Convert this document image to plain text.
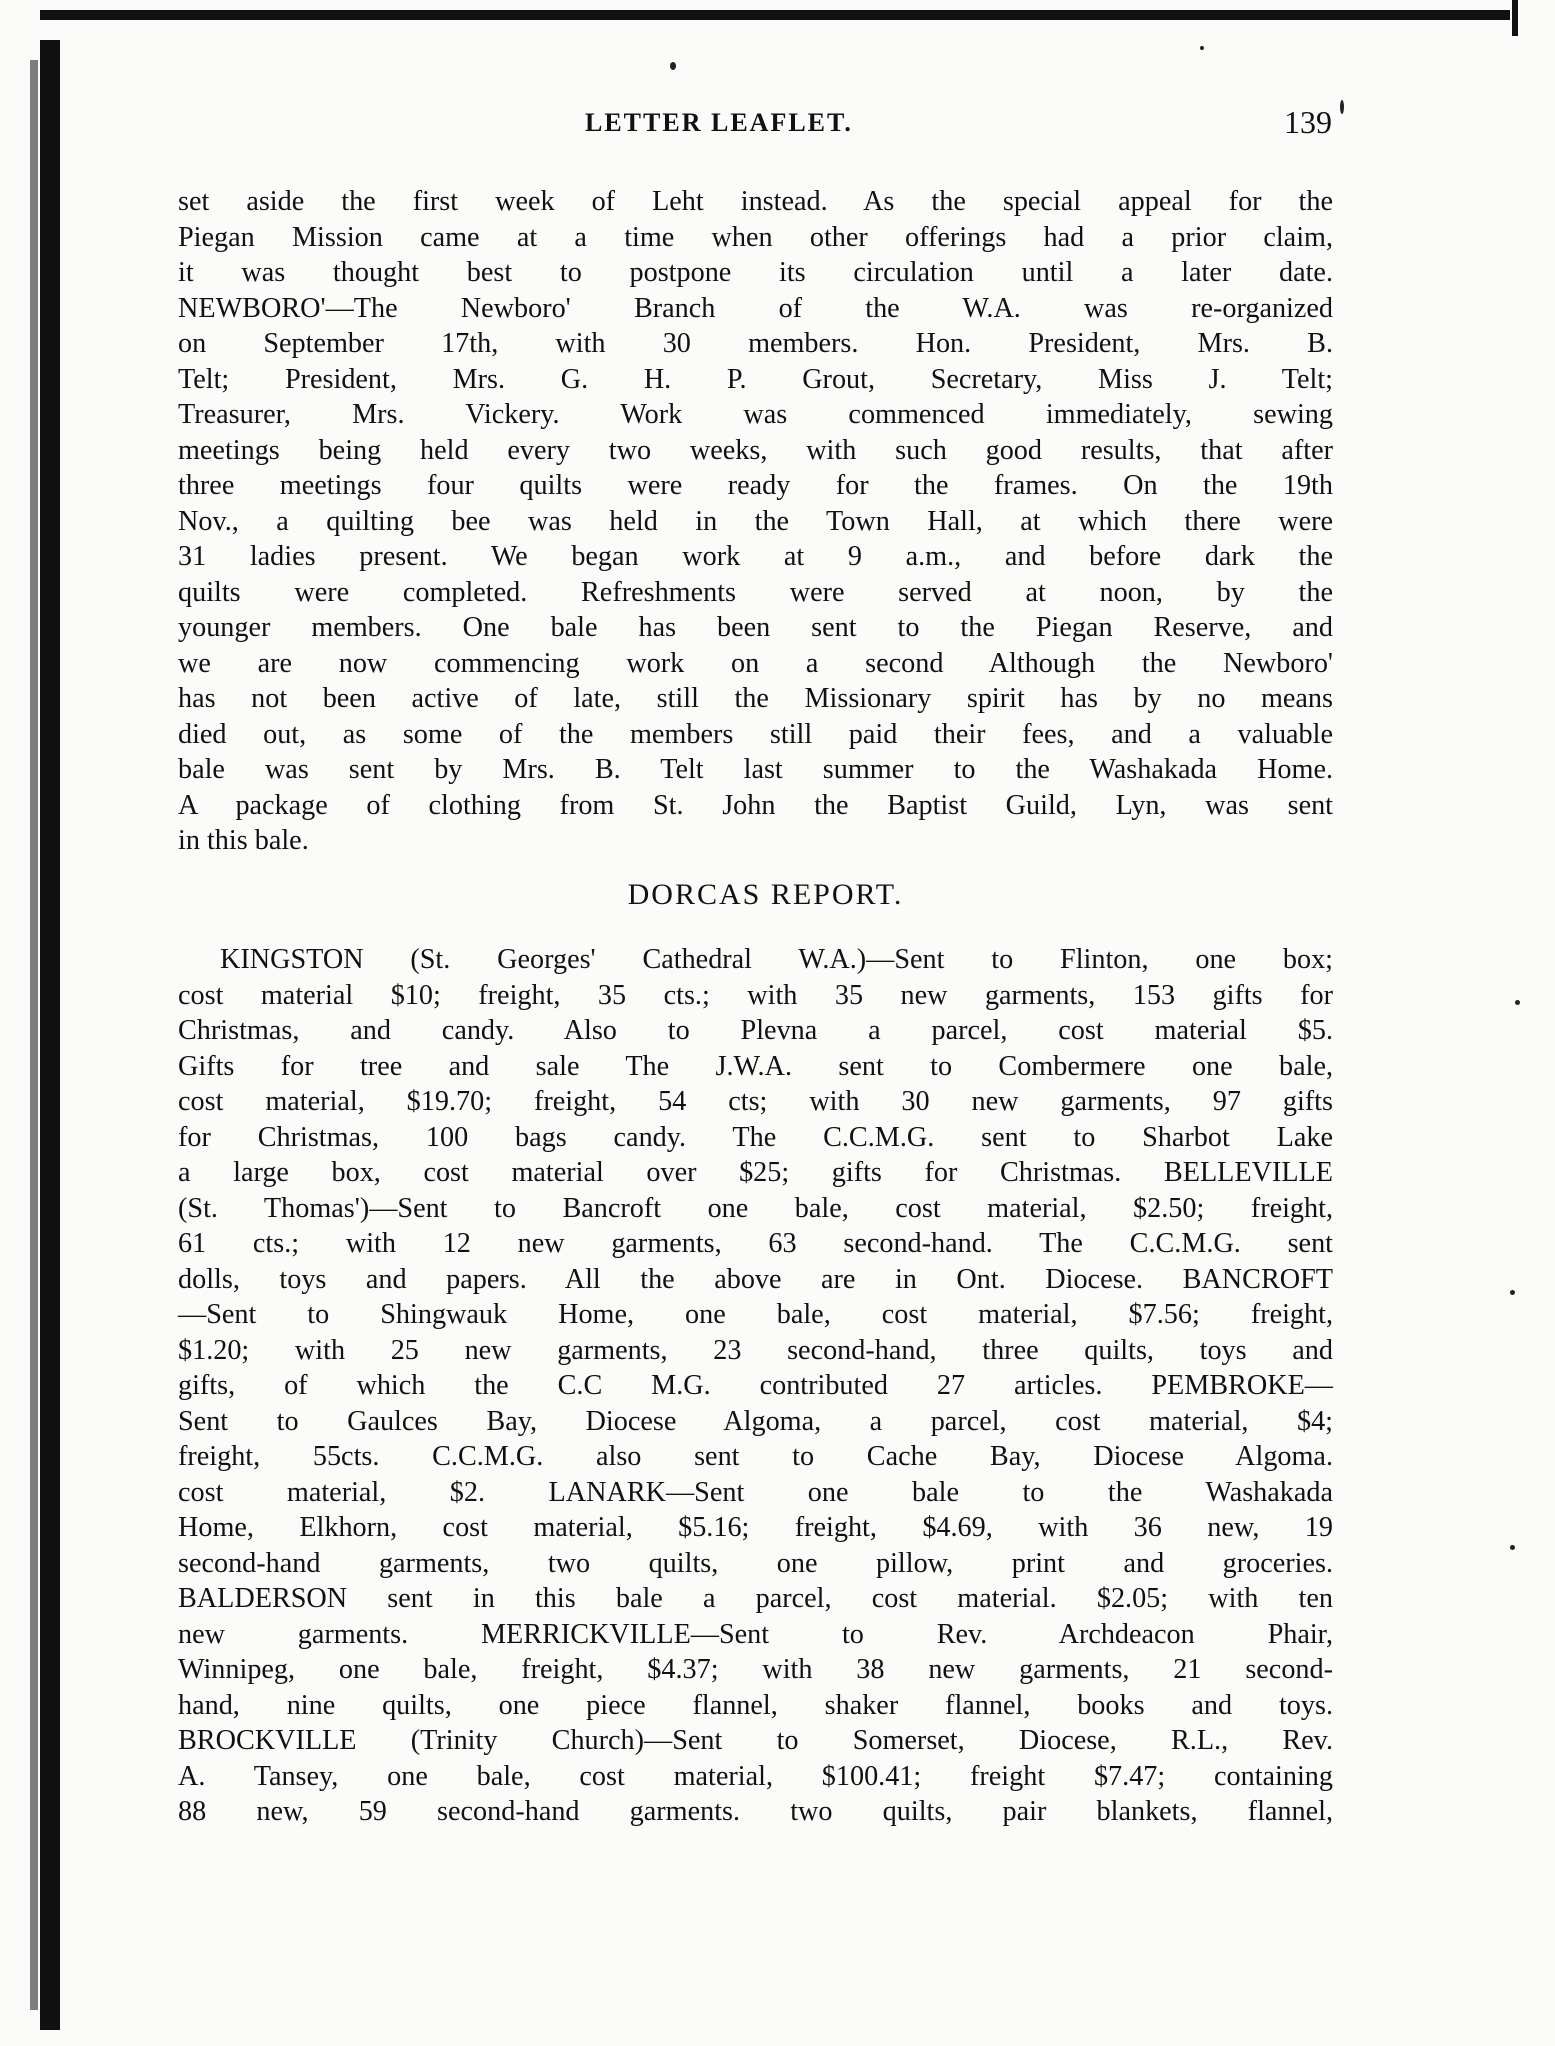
LETTER LEAFLET.	139
set aside the first week of Leht instead. As the special appeal for the
Piegan Mission came at a time when other offerings had a prior claim,
it was thought best to postpone its circulation until a later date.
NEWBORO'—The Newboro' Branch of the W.A. was re-organized
on September 17th, with 30 members. Hon. President, Mrs. B.
Telt; President, Mrs. G. H. P. Grout, Secretary, Miss J. Telt;
Treasurer, Mrs. Vickery. Work was commenced immediately, sewing
meetings being held every two weeks, with such good results, that after
three meetings four quilts were ready for the frames. On the 19th
Nov., a quilting bee was held in the Town Hall, at which there were
31 ladies present. We began work at 9 a.m., and before dark the
quilts were completed. Refreshments were served at noon, by the
younger members. One bale has been sent to the Piegan Reserve, and
we are now commencing work on a second Although the Newboro'
has not been active of late, still the Missionary spirit has by no means
died out, as some of the members still paid their fees, and a valuable
bale was sent by Mrs. B. Telt last summer to the Washakada Home.
A package of clothing from St. John the Baptist Guild, Lyn, was sent
in this bale.
DORCAS REPORT.
KINGSTON (St. Georges' Cathedral W.A.)—Sent to Flinton, one box;
cost material $10; freight, 35 cts.; with 35 new garments, 153 gifts for
Christmas, and candy. Also to Plevna a parcel, cost material $5.
Gifts for tree and sale The J.W.A. sent to Combermere one bale,
cost material, $19.70; freight, 54 cts; with 30 new garments, 97 gifts
for Christmas, 100 bags candy. The C.C.M.G. sent to Sharbot Lake
a large box, cost material over $25; gifts for Christmas. BELLEVILLE
(St. Thomas')—Sent to Bancroft one bale, cost material, $2.50; freight,
61 cts.; with 12 new garments, 63 second-hand. The C.C.M.G. sent
dolls, toys and papers. All the above are in Ont. Diocese. BANCROFT
—Sent to Shingwauk Home, one bale, cost material, $7.56; freight,
$1.20; with 25 new garments, 23 second-hand, three quilts, toys and
gifts, of which the C.C M.G. contributed 27 articles. PEMBROKE—
Sent to Gaulces Bay, Diocese Algoma, a parcel, cost material, $4;
freight, 55cts. C.C.M.G. also sent to Cache Bay, Diocese Algoma.
cost material, $2. LANARK—Sent one bale to the Washakada
Home, Elkhorn, cost material, $5.16; freight, $4.69, with 36 new, 19
second-hand garments, two quilts, one pillow, print and groceries.
BALDERSON sent in this bale a parcel, cost material. $2.05; with ten
new garments. MERRICKVILLE—Sent to Rev. Archdeacon Phair,
Winnipeg, one bale, freight, $4.37; with 38 new garments, 21 second-
hand, nine quilts, one piece flannel, shaker flannel, books and toys.
BROCKVILLE (Trinity Church)—Sent to Somerset, Diocese, R.L., Rev.
A. Tansey, one bale, cost material, $100.41; freight $7.47; containing
88 new, 59 second-hand garments. two quilts, pair blankets, flannel,
